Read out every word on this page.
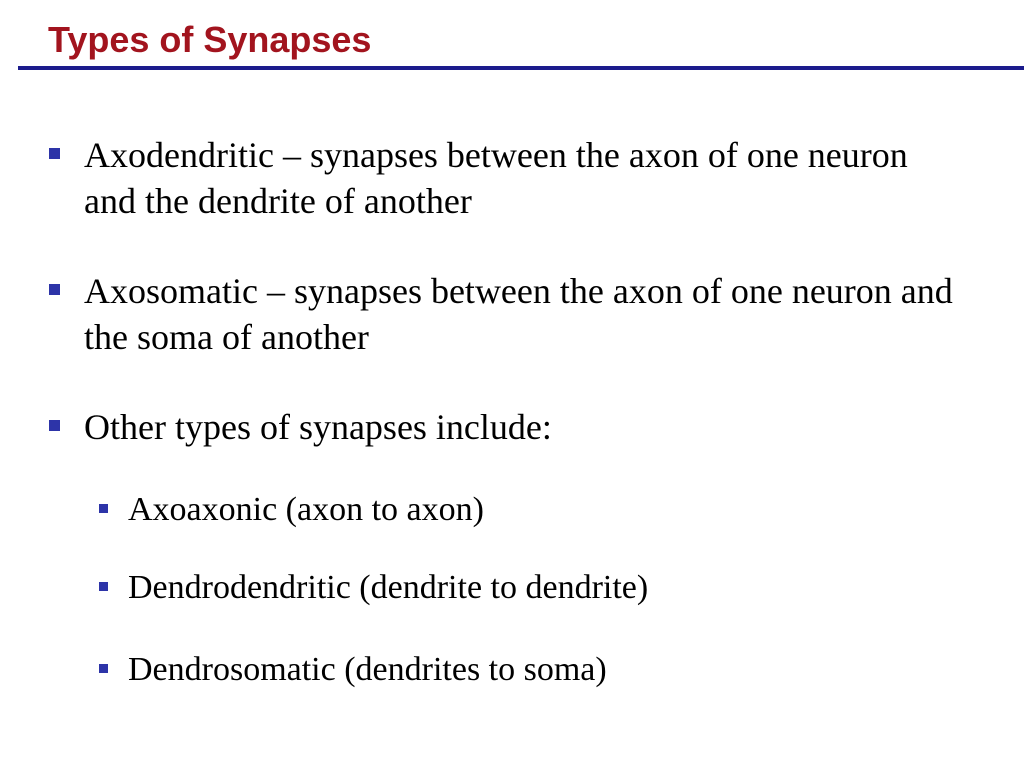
Types of Synapses
Axodendritic – synapses between the axon of one neuron and the dendrite of another
Axosomatic – synapses between the axon of one neuron and the soma of another
Other types of synapses include:
Axoaxonic (axon to axon)
Dendrodendritic (dendrite to dendrite)
Dendrosomatic (dendrites to soma)
